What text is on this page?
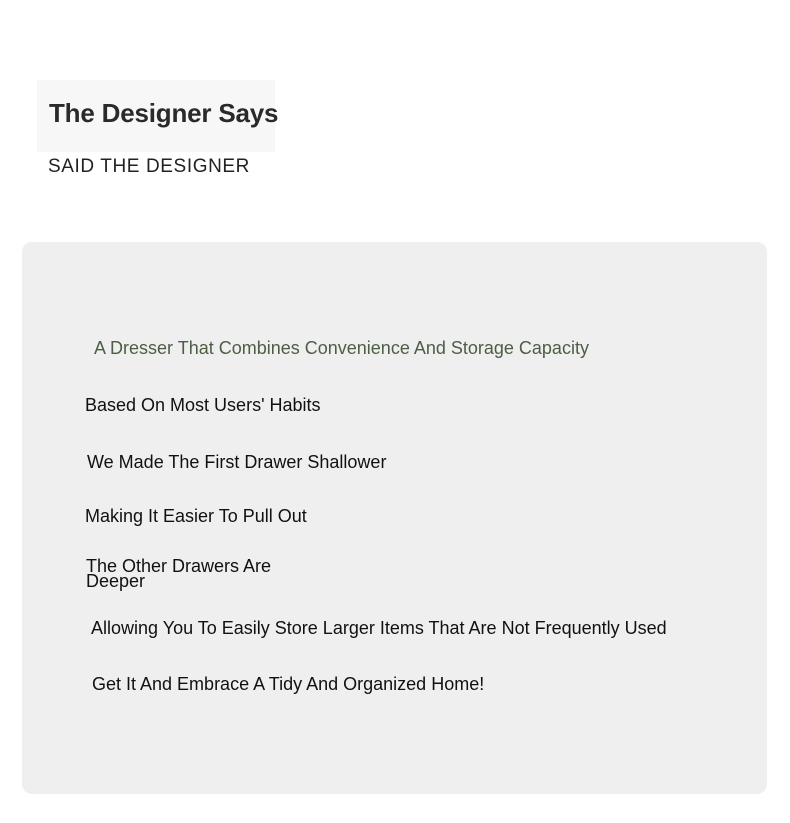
The Designer Says
SAID THE DESIGNER
A Dresser That Combines Convenience And Storage Capacity
Based On Most Users' Habits
We Made The First Drawer Shallower
Making It Easier To Pull Out
The Other Drawers Are
Deeper
Allowing You To Easily Store Larger Items That Are Not Frequently Used
Get It And Embrace A Tidy And Organized Home!
